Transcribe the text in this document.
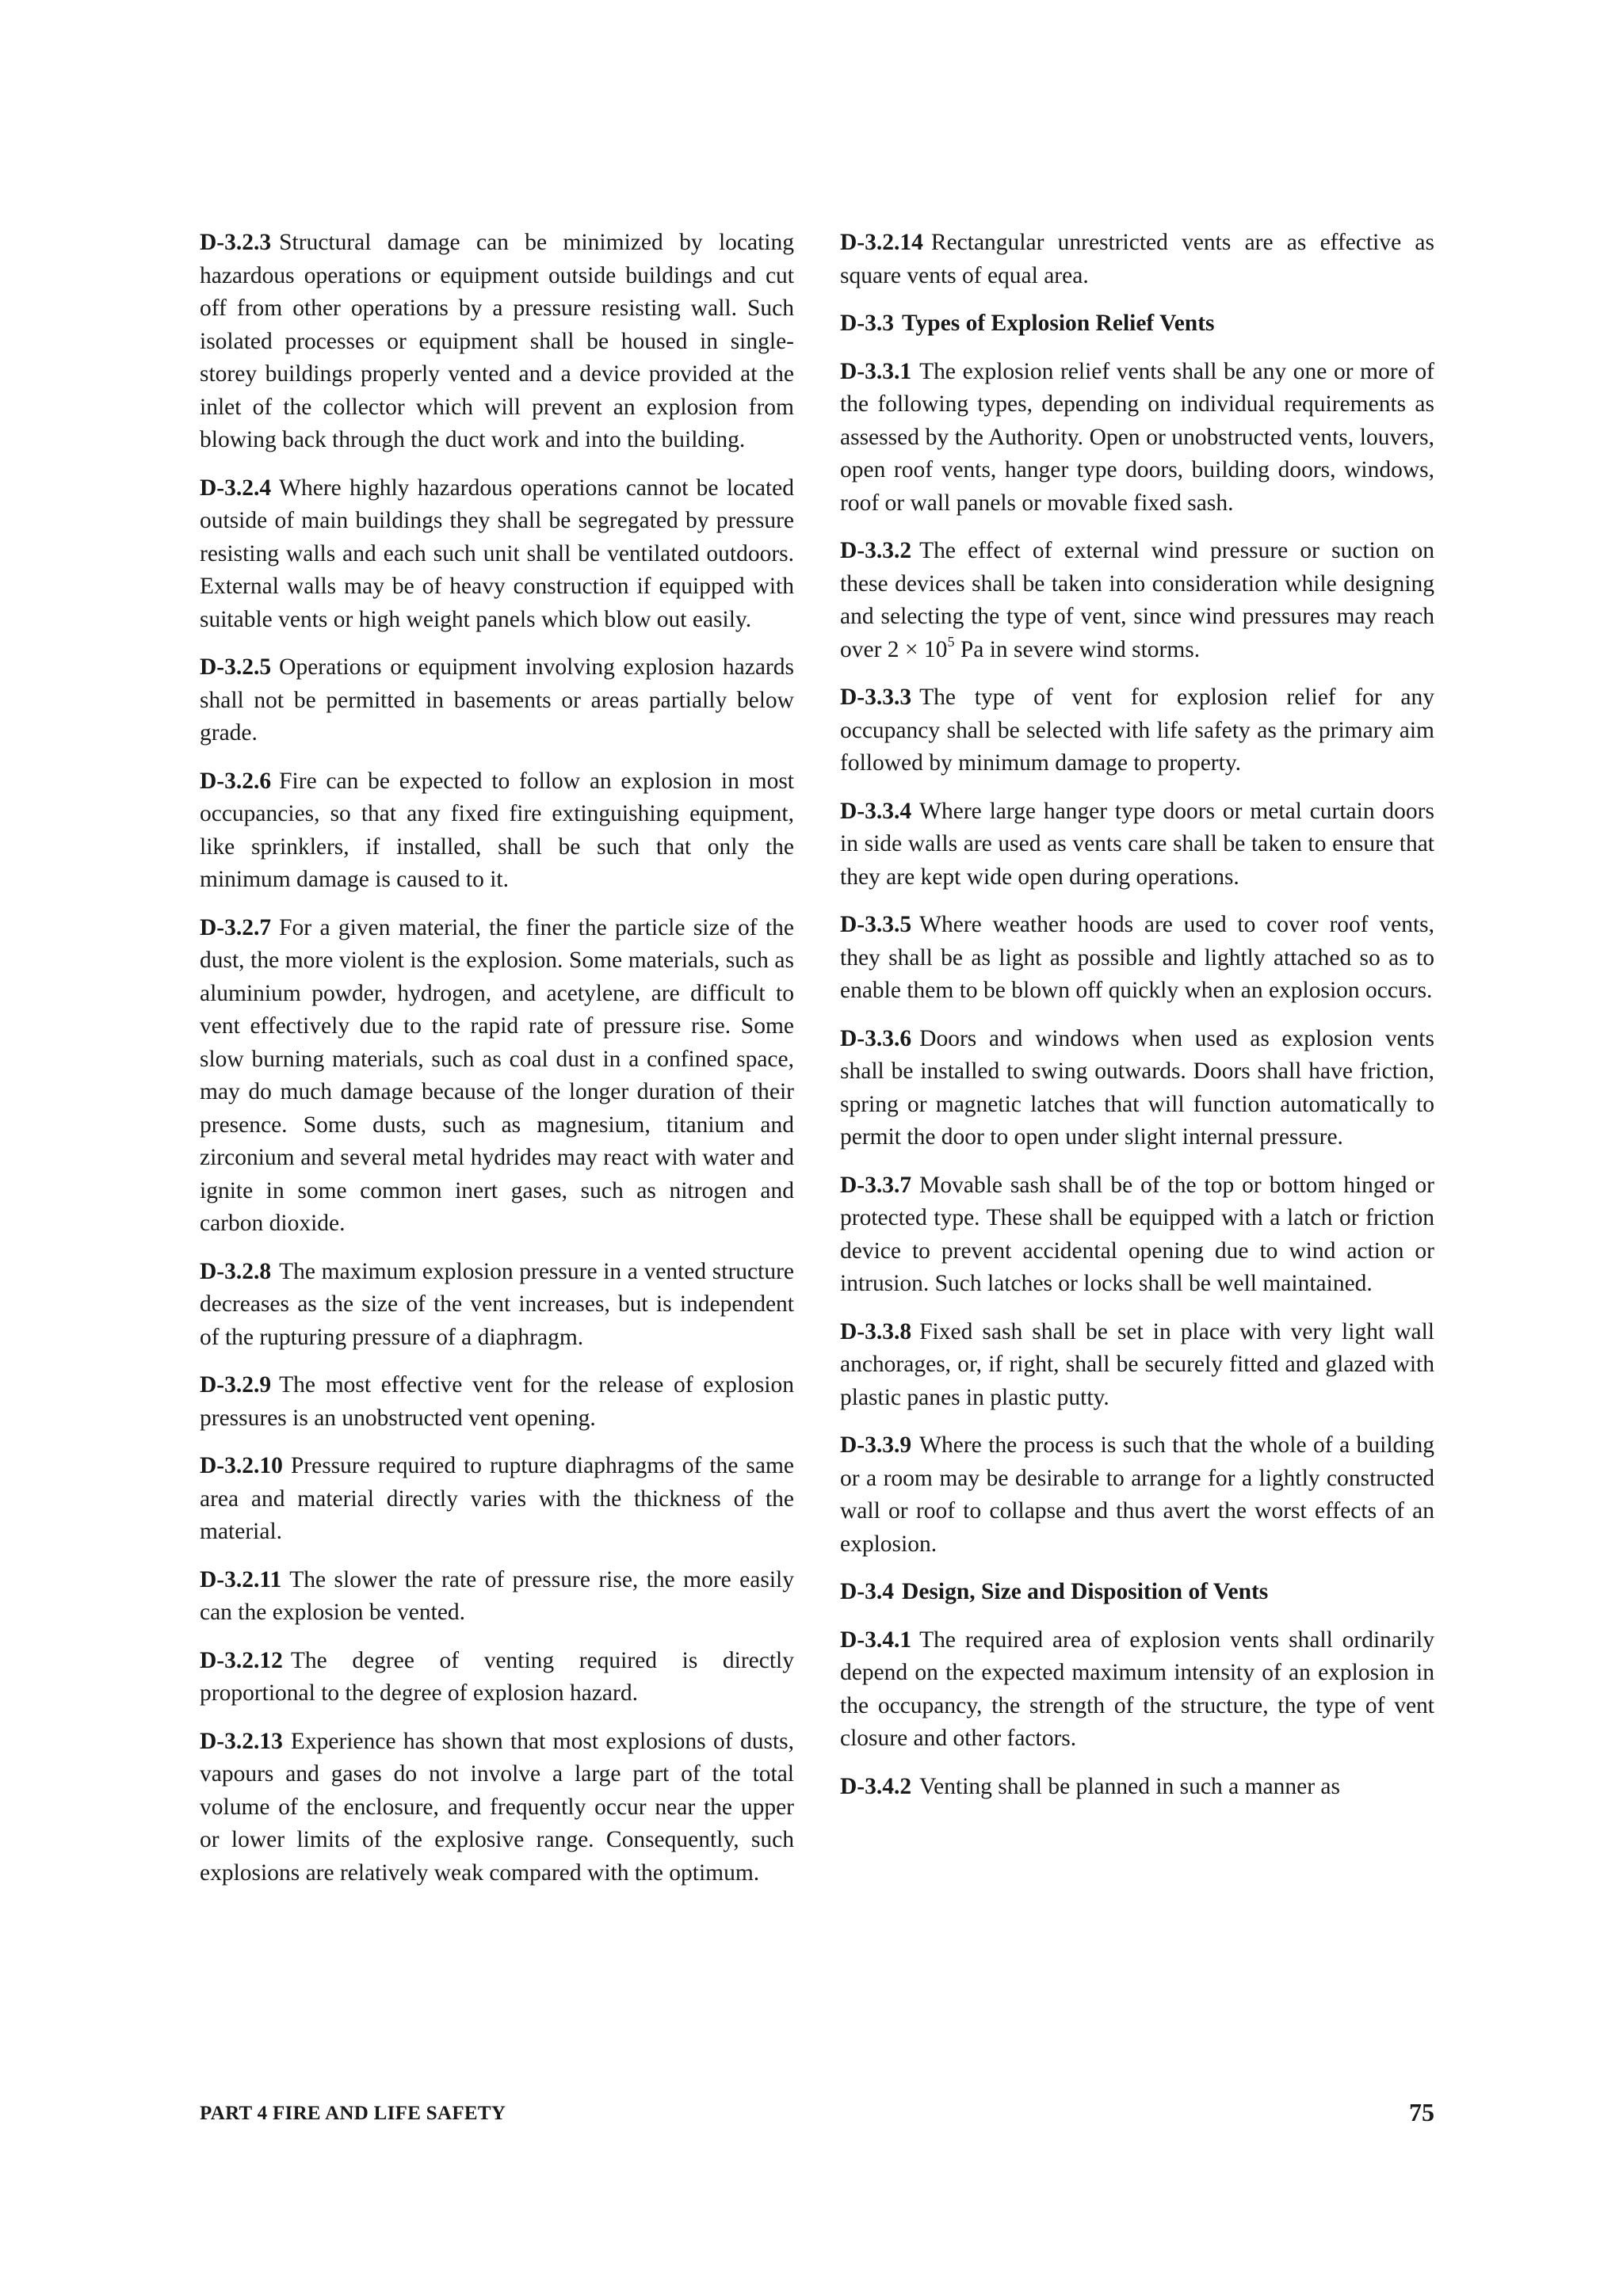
D-3.2.3 Structural damage can be minimized by locating hazardous operations or equipment outside buildings and cut off from other operations by a pressure resisting wall. Such isolated processes or equipment shall be housed in single-storey buildings properly vented and a device provided at the inlet of the collector which will prevent an explosion from blowing back through the duct work and into the building.

D-3.2.4 Where highly hazardous operations cannot be located outside of main buildings they shall be segregated by pressure resisting walls and each such unit shall be ventilated outdoors. External walls may be of heavy construction if equipped with suitable vents or high weight panels which blow out easily.

D-3.2.5 Operations or equipment involving explosion hazards shall not be permitted in basements or areas partially below grade.

D-3.2.6 Fire can be expected to follow an explosion in most occupancies, so that any fixed fire extinguishing equipment, like sprinklers, if installed, shall be such that only the minimum damage is caused to it.

D-3.2.7 For a given material, the finer the particle size of the dust, the more violent is the explosion. Some materials, such as aluminium powder, hydrogen, and acetylene, are difficult to vent effectively due to the rapid rate of pressure rise. Some slow burning materials, such as coal dust in a confined space, may do much damage because of the longer duration of their presence. Some dusts, such as magnesium, titanium and zirconium and several metal hydrides may react with water and ignite in some common inert gases, such as nitrogen and carbon dioxide.

D-3.2.8 The maximum explosion pressure in a vented structure decreases as the size of the vent increases, but is independent of the rupturing pressure of a diaphragm.

D-3.2.9 The most effective vent for the release of explosion pressures is an unobstructed vent opening.

D-3.2.10 Pressure required to rupture diaphragms of the same area and material directly varies with the thickness of the material.

D-3.2.11 The slower the rate of pressure rise, the more easily can the explosion be vented.

D-3.2.12 The degree of venting required is directly proportional to the degree of explosion hazard.

D-3.2.13 Experience has shown that most explosions of dusts, vapours and gases do not involve a large part of the total volume of the enclosure, and frequently occur near the upper or lower limits of the explosive range. Consequently, such explosions are relatively weak compared with the optimum.

D-3.2.14 Rectangular unrestricted vents are as effective as square vents of equal area.

D-3.3 Types of Explosion Relief Vents

D-3.3.1 The explosion relief vents shall be any one or more of the following types, depending on individual requirements as assessed by the Authority. Open or unobstructed vents, louvers, open roof vents, hanger type doors, building doors, windows, roof or wall panels or movable fixed sash.

D-3.3.2 The effect of external wind pressure or suction on these devices shall be taken into consideration while designing and selecting the type of vent, since wind pressures may reach over $2 \times 10^5$ Pa in severe wind storms.

D-3.3.3 The type of vent for explosion relief for any occupancy shall be selected with life safety as the primary aim followed by minimum damage to property.

D-3.3.4 Where large hanger type doors or metal curtain doors in side walls are used as vents care shall be taken to ensure that they are kept wide open during operations.

D-3.3.5 Where weather hoods are used to cover roof vents, they shall be as light as possible and lightly attached so as to enable them to be blown off quickly when an explosion occurs.

D-3.3.6 Doors and windows when used as explosion vents shall be installed to swing outwards. Doors shall have friction, spring or magnetic latches that will function automatically to permit the door to open under slight internal pressure.

D-3.3.7 Movable sash shall be of the top or bottom hinged or protected type. These shall be equipped with a latch or friction device to prevent accidental opening due to wind action or intrusion. Such latches or locks shall be well maintained.

D-3.3.8 Fixed sash shall be set in place with very light wall anchorages, or, if right, shall be securely fitted and glazed with plastic panes in plastic putty.

D-3.3.9 Where the process is such that the whole of a building or a room may be desirable to arrange for a lightly constructed wall or roof to collapse and thus avert the worst effects of an explosion.

D-3.4 Design, Size and Disposition of Vents

D-3.4.1 The required area of explosion vents shall ordinarily depend on the expected maximum intensity of an explosion in the occupancy, the strength of the structure, the type of vent closure and other factors.

D-3.4.2 Venting shall be planned in such a manner as

PART 4 FIRE AND LIFE SAFETY	75
